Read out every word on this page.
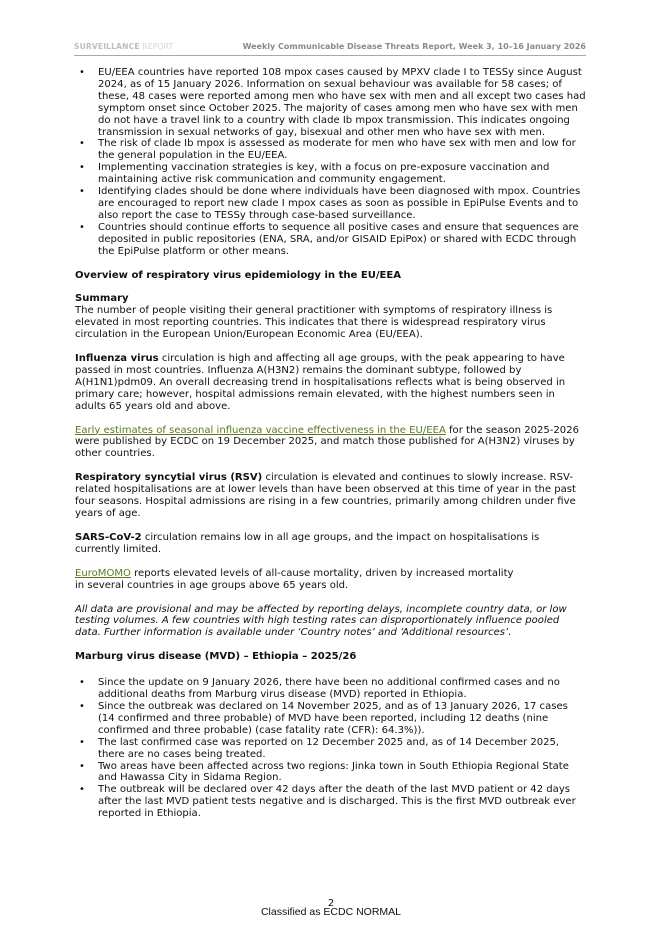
SURVEILLANCE REPORT	Weekly Communicable Disease Threats Report, Week 3, 10–16 January 2026
• EU/EEA countries have reported 108 mpox cases caused by MPXV clade I to TESSy since August 2024, as of 15 January 2026. Information on sexual behaviour was available for 58 cases; of these, 48 cases were reported among men who have sex with men and all except two cases had symptom onset since October 2025. The majority of cases among men who have sex with men do not have a travel link to a country with clade Ib mpox transmission. This indicates ongoing transmission in sexual networks of gay, bisexual and other men who have sex with men.
• The risk of clade Ib mpox is assessed as moderate for men who have sex with men and low for the general population in the EU/EEA.
• Implementing vaccination strategies is key, with a focus on pre-exposure vaccination and maintaining active risk communication and community engagement.
• Identifying clades should be done where individuals have been diagnosed with mpox. Countries are encouraged to report new clade I mpox cases as soon as possible in EpiPulse Events and to also report the case to TESSy through case-based surveillance.
• Countries should continue efforts to sequence all positive cases and ensure that sequences are deposited in public repositories (ENA, SRA, and/or GISAID EpiPox) or shared with ECDC through the EpiPulse platform or other means.

Overview of respiratory virus epidemiology in the EU/EEA

Summary

The number of people visiting their general practitioner with symptoms of respiratory illness is elevated in most reporting countries. This indicates that there is widespread respiratory virus circulation in the European Union/European Economic Area (EU/EEA).

Influenza virus circulation is high and affecting all age groups, with the peak appearing to have passed in most countries. Influenza A(H3N2) remains the dominant subtype, followed by A(H1N1)pdm09. An overall decreasing trend in hospitalisations reflects what is being observed in primary care; however, hospital admissions remain elevated, with the highest numbers seen in adults 65 years old and above.

Early estimates of seasonal influenza vaccine effectiveness in the EU/EEA for the season 2025-2026 were published by ECDC on 19 December 2025, and match those published for A(H3N2) viruses by other countries.

Respiratory syncytial virus (RSV) circulation is elevated and continues to slowly increase. RSV-related hospitalisations are at lower levels than have been observed at this time of year in the past four seasons. Hospital admissions are rising in a few countries, primarily among children under five years of age.

SARS-CoV-2 circulation remains low in all age groups, and the impact on hospitalisations is currently limited.

EuroMOMO reports elevated levels of all-cause mortality, driven by increased mortality
in several countries in age groups above 65 years old.

All data are provisional and may be affected by reporting delays, incomplete country data, or low testing volumes. A few countries with high testing rates can disproportionately influence pooled data. Further information is available under ‘Country notes’ and ‘Additional resources’.

Marburg virus disease (MVD) – Ethiopia – 2025/26

• Since the update on 9 January 2026, there have been no additional confirmed cases and no additional deaths from Marburg virus disease (MVD) reported in Ethiopia.
• Since the outbreak was declared on 14 November 2025, and as of 13 January 2026, 17 cases (14 confirmed and three probable) of MVD have been reported, including 12 deaths (nine confirmed and three probable) (case fatality rate (CFR): 64.3%)).
• The last confirmed case was reported on 12 December 2025 and, as of 14 December 2025, there are no cases being treated.
• Two areas have been affected across two regions: Jinka town in South Ethiopia Regional State and Hawassa City in Sidama Region.
• The outbreak will be declared over 42 days after the death of the last MVD patient or 42 days after the last MVD patient tests negative and is discharged. This is the first MVD outbreak ever reported in Ethiopia.
2
Classified as ECDC NORMAL
